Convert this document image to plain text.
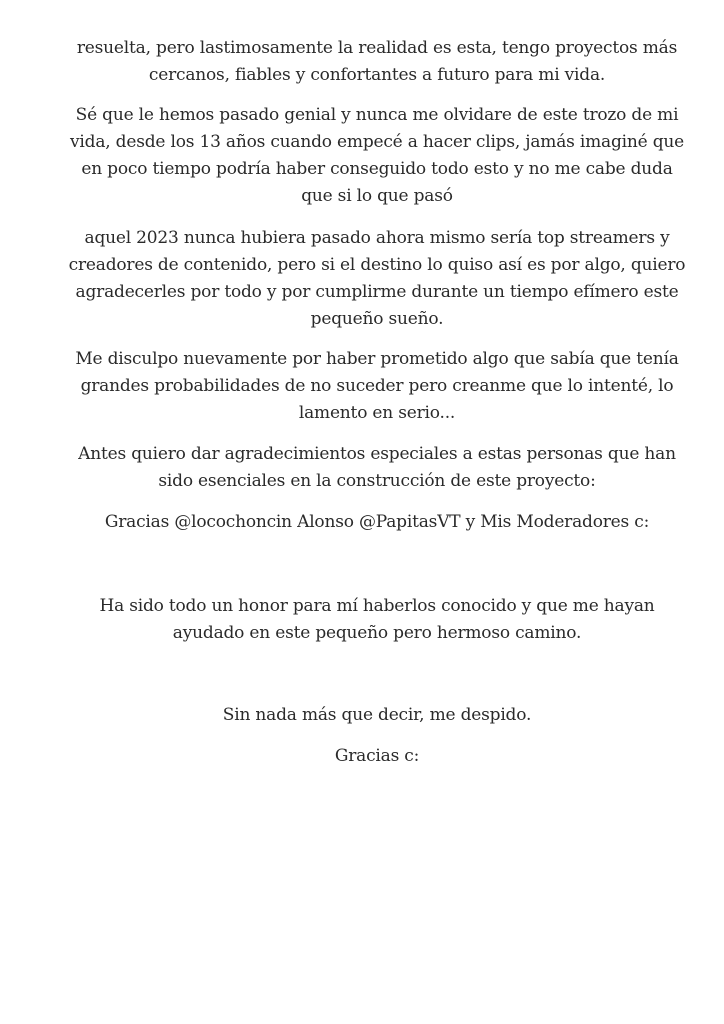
resuelta, pero lastimosamente la realidad es esta, tengo proyectos más cercanos, fiables y confortantes a futuro para mi vida.

Sé que le hemos pasado genial y nunca me olvidare de este trozo de mi vida, desde los 13 años cuando empecé a hacer clips, jamás imaginé que en poco tiempo podría haber conseguido todo esto y no me cabe duda que si lo que pasó

aquel 2023 nunca hubiera pasado ahora mismo sería top streamers y creadores de contenido, pero si el destino lo quiso así es por algo, quiero agradecerles por todo y por cumplirme durante un tiempo efímero este pequeño sueño.

Me disculpo nuevamente por haber prometido algo que sabía que tenía grandes probabilidades de no suceder pero creanme que lo intenté, lo lamento en serio...

Antes quiero dar agradecimientos especiales a estas personas que han sido esenciales en la construcción de este proyecto:

Gracias @locochoncin Alonso @PapitasVT y Mis Moderadores c:

Ha sido todo un honor para mí haberlos conocido y que me hayan ayudado en este pequeño pero hermoso camino.

Sin nada más que decir, me despido.

Gracias c:
